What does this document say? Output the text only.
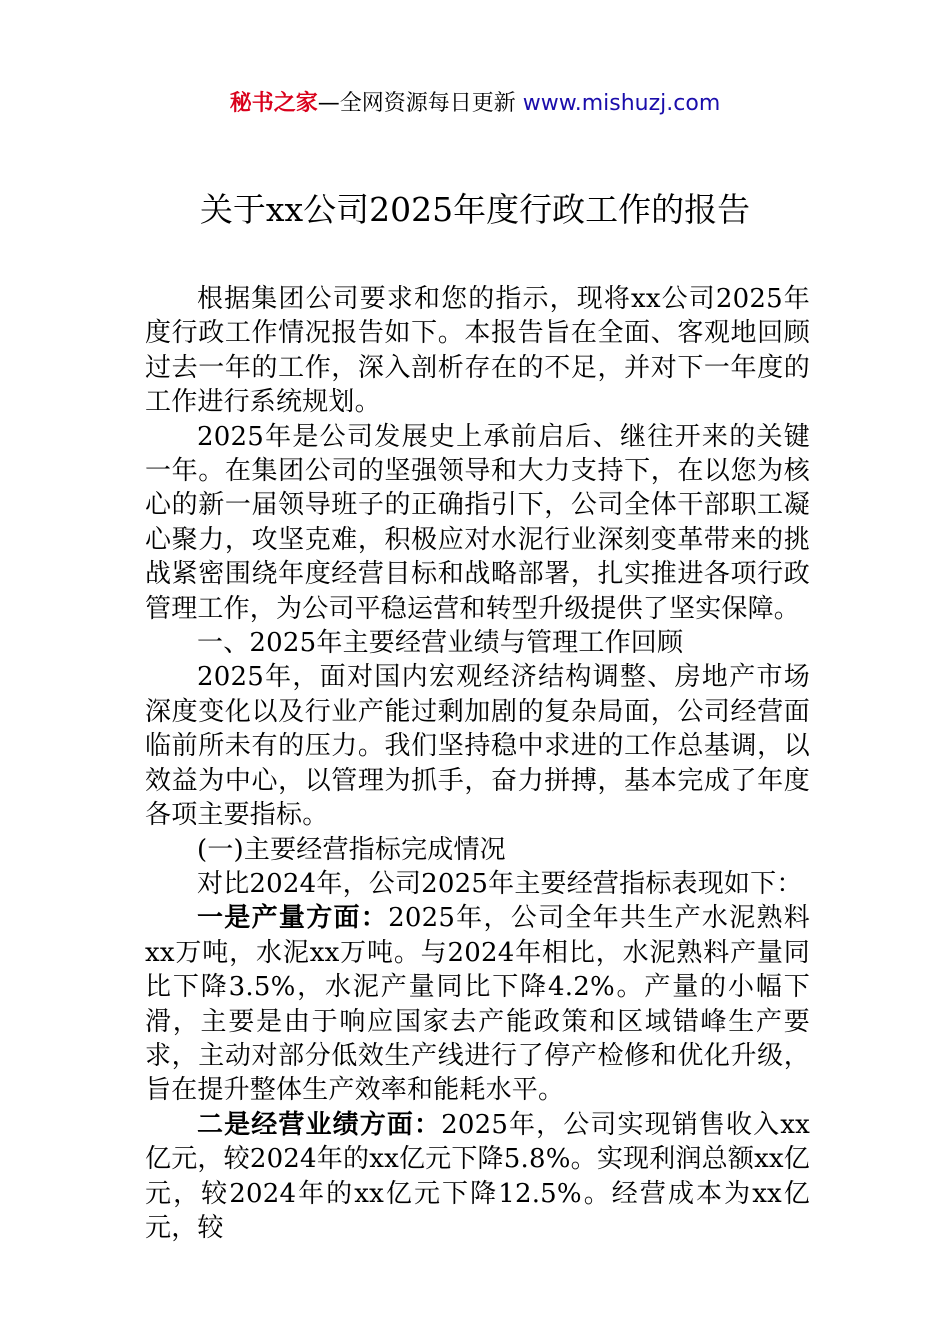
秘书之家—全网资源每日更新 www.mishuzj.com
关于xx公司2025年度行政工作的报告

根据集团公司要求和您的指示，现将xx公司2025年度行政工作情况报告如下。本报告旨在全面、客观地回顾过去一年的工作，深入剖析存在的不足，并对下一年度的工作进行系统规划。

2025年是公司发展史上承前启后、继往开来的关键一年。在集团公司的坚强领导和大力支持下，在以您为核心的新一届领导班子的正确指引下，公司全体干部职工凝心聚力，攻坚克难，积极应对水泥行业深刻变革带来的挑战紧密围绕年度经营目标和战略部署，扎实推进各项行政管理工作，为公司平稳运营和转型升级提供了坚实保障。

一、2025年主要经营业绩与管理工作回顾

2025年，面对国内宏观经济结构调整、房地产市场深度变化以及行业产能过剩加剧的复杂局面，公司经营面临前所未有的压力。我们坚持稳中求进的工作总基调，以效益为中心，以管理为抓手，奋力拼搏，基本完成了年度各项主要指标。

(一)主要经营指标完成情况

对比2024年，公司2025年主要经营指标表现如下：

一是产量方面：2025年，公司全年共生产水泥熟料xx万吨，水泥xx万吨。与2024年相比，水泥熟料产量同比下降3.5%，水泥产量同比下降4.2%。产量的小幅下滑，主要是由于响应国家去产能政策和区域错峰生产要求，主动对部分低效生产线进行了停产检修和优化升级，旨在提升整体生产效率和能耗水平。

二是经营业绩方面：2025年，公司实现销售收入xx亿元，较2024年的xx亿元下降5.8%。实现利润总额xx亿元，较2024年的xx亿元下降12.5%。经营成本为xx亿元，较
